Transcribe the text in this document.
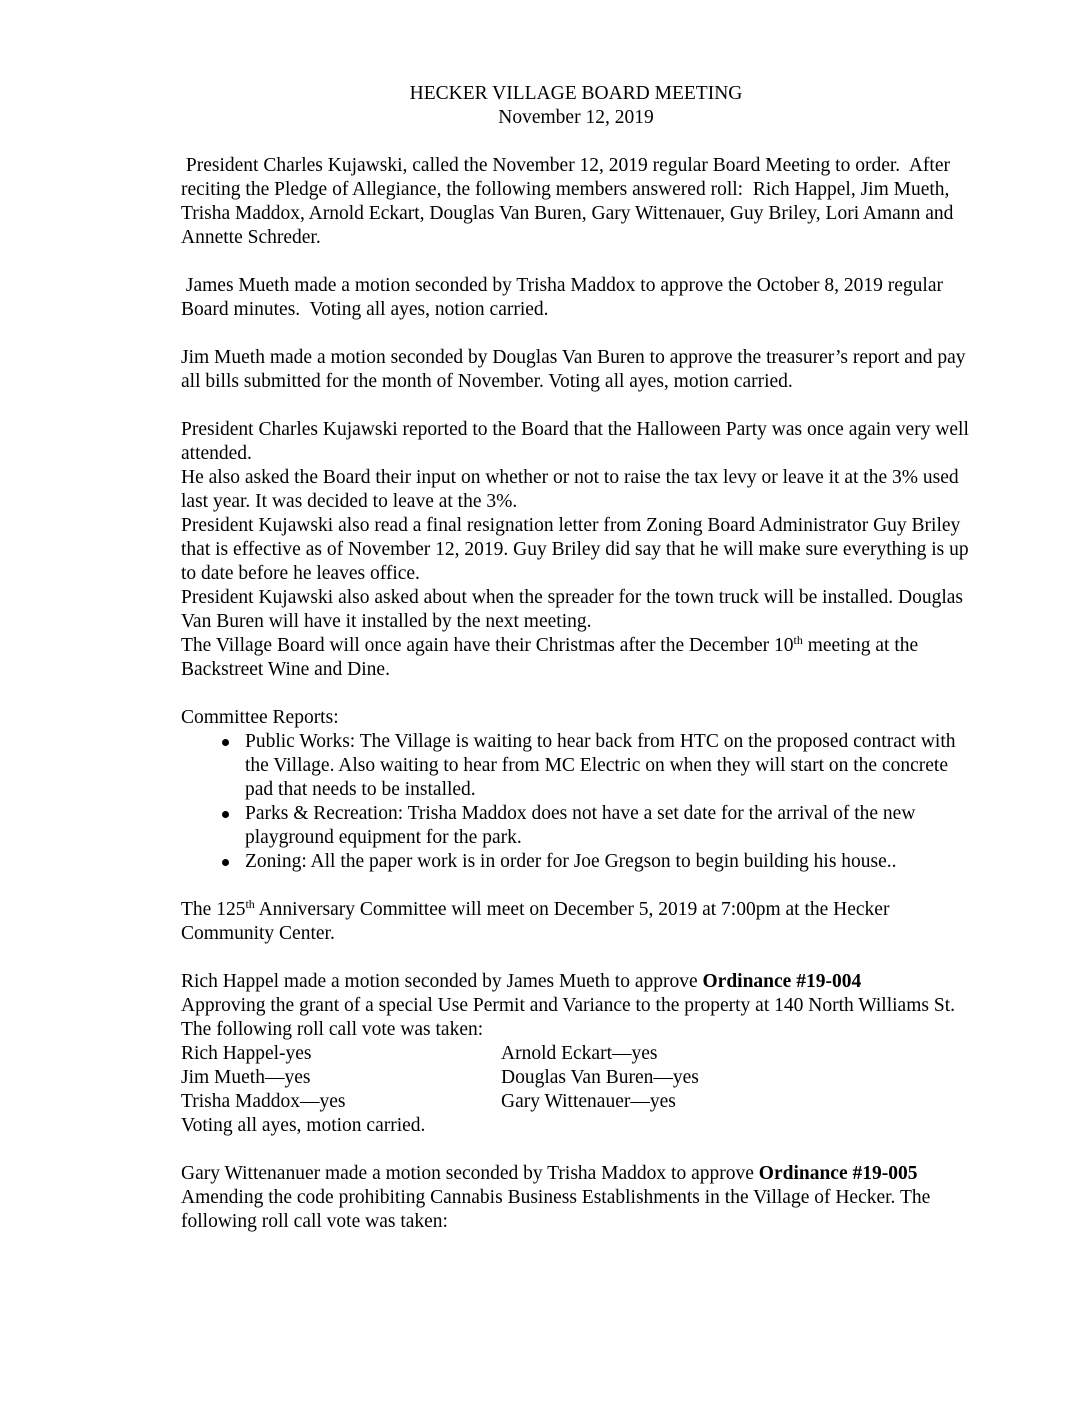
HECKER VILLAGE BOARD MEETING
November 12, 2019

President Charles Kujawski, called the November 12, 2019 regular Board Meeting to order.  After reciting the Pledge of Allegiance, the following members answered roll:  Rich Happel, Jim Mueth, Trisha Maddox, Arnold Eckart, Douglas Van Buren, Gary Wittenauer, Guy Briley, Lori Amann and Annette Schreder.

James Mueth made a motion seconded by Trisha Maddox to approve the October 8, 2019 regular Board minutes.  Voting all ayes, notion carried.

Jim Mueth made a motion seconded by Douglas Van Buren to approve the treasurer’s report and pay all bills submitted for the month of November. Voting all ayes, motion carried.

President Charles Kujawski reported to the Board that the Halloween Party was once again very well attended.

He also asked the Board their input on whether or not to raise the tax levy or leave it at the 3% used last year. It was decided to leave at the 3%.

President Kujawski also read a final resignation letter from Zoning Board Administrator Guy Briley that is effective as of November 12, 2019. Guy Briley did say that he will make sure everything is up to date before he leaves office.

President Kujawski also asked about when the spreader for the town truck will be installed. Douglas Van Buren will have it installed by the next meeting.

The Village Board will once again have their Christmas after the December 10th meeting at the Backstreet Wine and Dine.

Committee Reports:

Public Works: The Village is waiting to hear back from HTC on the proposed contract with the Village. Also waiting to hear from MC Electric on when they will start on the concrete pad that needs to be installed.
Parks & Recreation: Trisha Maddox does not have a set date for the arrival of the new playground equipment for the park.
Zoning: All the paper work is in order for Joe Gregson to begin building his house..

The 125th Anniversary Committee will meet on December 5, 2019 at 7:00pm at the Hecker Community Center.

Rich Happel made a motion seconded by James Mueth to approve Ordinance #19-004
Approving the grant of a special Use Permit and Variance to the property at 140 North Williams St. The following roll call vote was taken:

Rich Happel-yes	Arnold Eckart—yes
Jim Mueth—yes	Douglas Van Buren—yes
Trisha Maddox—yes	Gary Wittenauer—yes

Voting all ayes, motion carried.

Gary Wittenanuer made a motion seconded by Trisha Maddox to approve Ordinance #19-005 Amending the code prohibiting Cannabis Business Establishments in the Village of Hecker. The following roll call vote was taken:
